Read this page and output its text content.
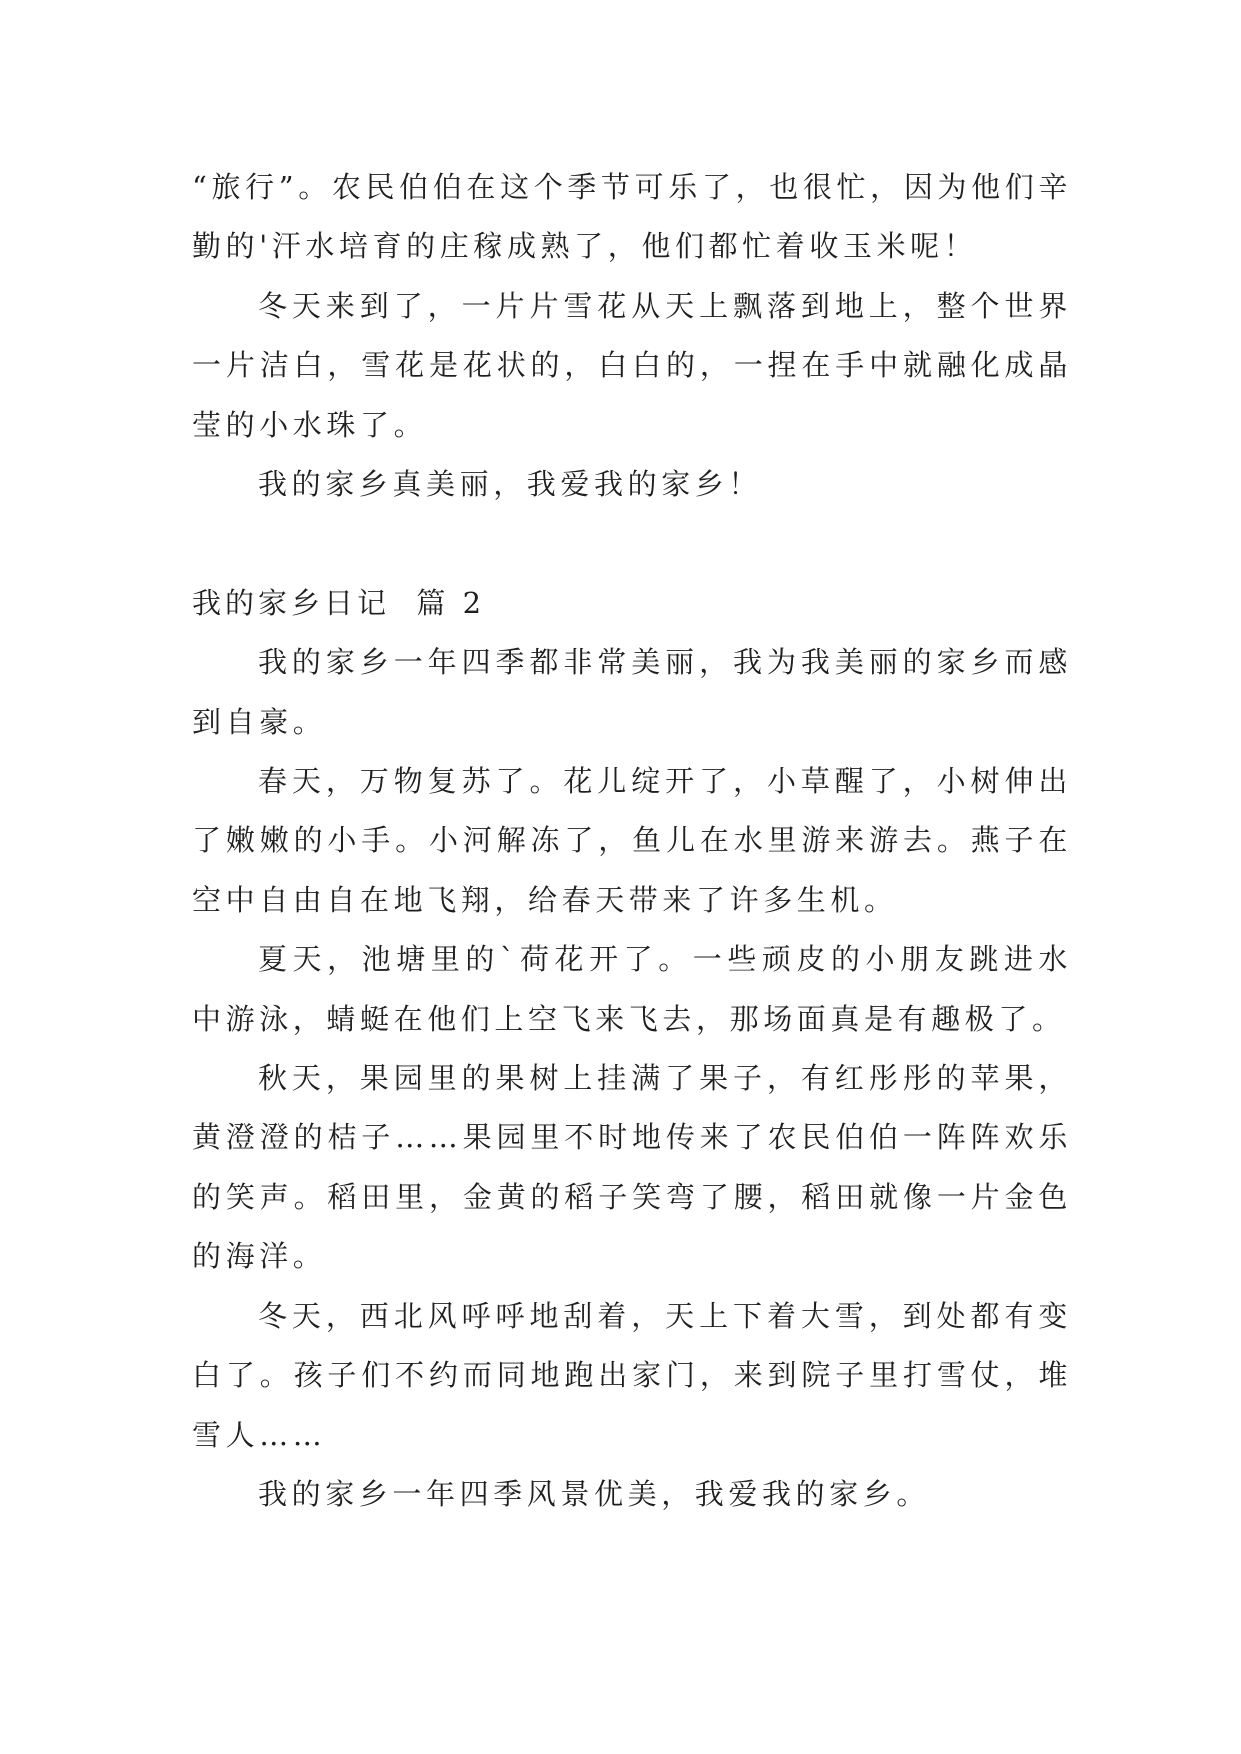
“旅行”。农民伯伯在这个季节可乐了，也很忙，因为他们辛勤的'汗水培育的庄稼成熟了，他们都忙着收玉米呢！

冬天来到了，一片片雪花从天上飘落到地上，整个世界一片洁白，雪花是花状的，白白的，一捏在手中就融化成晶莹的小水珠了。

我的家乡真美丽，我爱我的家乡！

我的家乡日记  篇 2

我的家乡一年四季都非常美丽，我为我美丽的家乡而感到自豪。

春天，万物复苏了。花儿绽开了，小草醒了，小树伸出了嫩嫩的小手。小河解冻了，鱼儿在水里游来游去。燕子在空中自由自在地飞翔，给春天带来了许多生机。

夏天，池塘里的`荷花开了。一些顽皮的小朋友跳进水中游泳，蜻蜓在他们上空飞来飞去，那场面真是有趣极了。

秋天，果园里的果树上挂满了果子，有红彤彤的苹果，黄澄澄的桔子……果园里不时地传来了农民伯伯一阵阵欢乐的笑声。稻田里，金黄的稻子笑弯了腰，稻田就像一片金色的海洋。

冬天，西北风呼呼地刮着，天上下着大雪，到处都有变白了。孩子们不约而同地跑出家门，来到院子里打雪仗，堆雪人……

我的家乡一年四季风景优美，我爱我的家乡。
